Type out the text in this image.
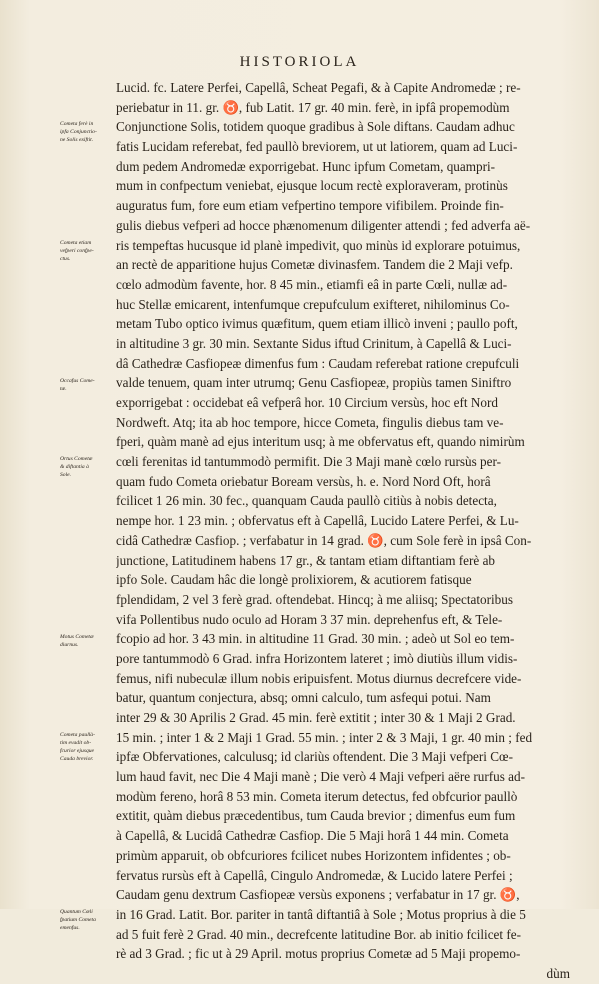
HISTORIOLA
Lucid. fc. Latere Perfei, Capellâ, Scheat Pegafi, & à Capite Andromedæ ; re-
periebatur in 11. gr. ♉, fub Latit. 17 gr. 40 min. ferè, in ipfâ propemodùm
Conjunctione Solis, totidem quoque gradibus à Sole diftans. Caudam adhuc
fatis Lucidam referebat, fed paullò breviorem, ut ut latiorem, quam ad Luci-
dum pedem Andromedæ exporrigebat. Hunc ipfum Cometam, quampri-
mum in confpectum veniebat, ejusque locum rectè exploraveram, protinùs
auguratus fum, fore eum etiam vefpertino tempore vifibilem. Proinde fin-
gulis diebus vefperi ad hocce phænomenum diligenter attendi ; fed adverfa aë-
ris tempeftas hucusque id planè impedivit, quo minùs id explorare potuimus,
an rectè de apparitione hujus Cometæ divinasfem. Tandem die 2 Maji vefp.
cœlo admodùm favente, hor. 8 45 min., etiamfi eâ in parte Cœli, nullæ ad-
huc Stellæ emicarent, intenfumque crepufculum exifteret, nihilominus Co-
metam Tubo optico ivimus quæfitum, quem etiam illicò inveni ; paullo poft,
in altitudine 3 gr. 30 min. Sextante Sidus iftud Crinitum, à Capellâ & Luci-
dâ Cathedræ Casfiopeæ dimenfus fum : Caudam referebat ratione crepufculi
valde tenuem, quam inter utrumq; Genu Casfiopeæ, propiùs tamen Siniftro
exporrigebat : occidebat eâ vefperâ hor. 10 Circium versùs, hoc eft Nord
Nordweft. Atq; ita ab hoc tempore, hicce Cometa, fingulis diebus tam ve-
fperi, quàm manè ad ejus interitum usq; à me obfervatus eft, quando nimirùm
cœli ferenitas id tantummodò permifit. Die 3 Maji manè cœlo rursùs per-
quam fudo Cometa oriebatur Boream versùs, h. e. Nord Nord Oft, horâ
fcilicet 1 26 min. 30 fec., quanquam Cauda paullò citiùs à nobis detecta,
nempe hor. 1 23 min. ; obfervatus eft à Capellâ, Lucido Latere Perfei, & Lu-
cidâ Cathedræ Casfiop. ; verfabatur in 14 grad. ♉, cum Sole ferè in ipsâ Con-
junctione, Latitudinem habens 17 gr., & tantam etiam diftantiam ferè ab
ipfo Sole. Caudam hâc die longè prolixiorem, & acutiorem fatisque
fplendidam, 2 vel 3 ferè grad. oftendebat. Hincq; à me aliisq; Spectatoribus
vifa Pollentibus nudo oculo ad Horam 3 37 min. deprehenfus eft, & Tele-
fcopio ad hor. 3 43 min. in altitudine 11 Grad. 30 min. ; adeò ut Sol eo tem-
pore tantummodò 6 Grad. infra Horizontem lateret ; imò diutiùs illum vidis-
femus, nifi nubeculæ illum nobis eripuisfent. Motus diurnus decrefcere vide-
batur, quantum conjectura, absq; omni calculo, tum asfequi potui. Nam
inter 29 & 30 Aprilis 2 Grad. 45 min. ferè extitit ; inter 30 & 1 Maji 2 Grad.
15 min. ; inter 1 & 2 Maji 1 Grad. 55 min. ; inter 2 & 3 Maji, 1 gr. 40 min ; fed
ipfæ Obfervationes, calculusq; id clariùs oftendent. Die 3 Maji vefperi Cœ-
lum haud favit, nec Die 4 Maji manè ; Die verò 4 Maji vefperi aëre rurfus ad-
modùm fereno, horâ 8 53 min. Cometa iterum detectus, fed obfcurior paullò
extitit, quàm diebus præcedentibus, tum Cauda brevior ; dimenfus eum fum
à Capellâ, & Lucidâ Cathedræ Casfiop. Die 5 Maji horâ 1 44 min. Cometa
primùm apparuit, ob obfcuriores fcilicet nubes Horizontem infidentes ; ob-
fervatus rursùs eft à Capellâ, Cingulo Andromedæ, & Lucido latere Perfei ;
Caudam genu dextrum Casfiopeæ versùs exponens ; verfabatur in 17 gr. ♉,
in 16 Grad. Latit. Bor. pariter in tantâ diftantiâ à Sole ; Motus proprius à die 5
ad 5 fuit ferè 2 Grad. 40 min., decrefcente latitudine Bor. ab initio fcilicet fe-
rè ad 3 Grad. ; fic ut à 29 April. motus proprius Cometæ ad 5 Maji propemo-
dùm
Cometa ferè in
ipfa Conjunctio-
ne Solis exiftit.
Cometa etiam
vefperi confpe-
ctus.
Occafus Come-
tæ.
Ortus Cometæ
& diftantia à
Sole.
Motus Cometæ
diurnus.
Cometa paullà-
tim evadit ob-
fcurior ejusque
Cauda brevior.
Quantum Cœli
fpatium Cometa
emenfus.
